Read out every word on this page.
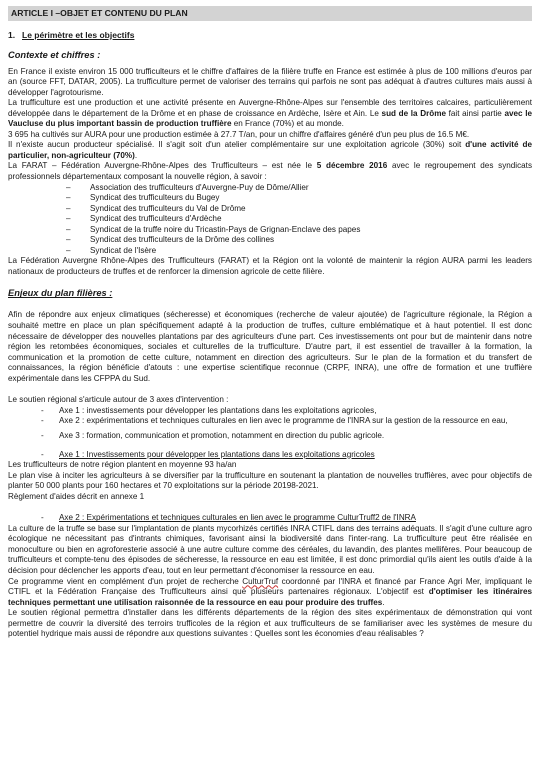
ARTICLE I –OBJET ET CONTENU DU PLAN
1. Le périmètre et les objectifs
Contexte et chiffres :

En France il existe environ 15 000 trufficulteurs et le chiffre d'affaires de la filière truffe en France est estimée à plus de 100 millions d'euros par an (source FFT, DATAR, 2005). La trufficulture permet de valoriser des terrains qui parfois ne sont pas adéquat à d'autres cultures mais aussi à développer l'agrotourisme.

La trufficulture est une production et une activité présente en Auvergne-Rhône-Alpes sur l'ensemble des territoires calcaires, particulièrement développée dans le département de la Drôme et en phase de croissance en Ardèche, Isère et Ain. Le sud de la Drôme fait ainsi partie avec le Vaucluse du plus important bassin de production truffière en France (70%) et au monde.

3 695 ha cultivés sur AURA pour une production estimée à 27.7 T/an, pour un chiffre d'affaires généré d'un peu plus de 16.5 M€.

Il n'existe aucun producteur spécialisé. Il s'agit soit d'un atelier complémentaire sur une exploitation agricole (30%) soit d'une activité de particulier, non-agriculteur (70%).

La FARAT – Fédération Auvergne-Rhône-Alpes des Trufficulteurs – est née le 5 décembre 2016 avec le regroupement des syndicats professionnels départementaux composant la nouvelle région, à savoir :

– Association des trufficulteurs d'Auvergne-Puy de Dôme/Allier
– Syndicat des trufficulteurs du Bugey
– Syndicat des trufficulteurs du Val de Drôme
– Syndicat des trufficulteurs d'Ardèche
– Syndicat de la truffe noire du Tricastin-Pays de Grignan-Enclave des papes
– Syndicat des trufficulteurs de la Drôme des collines
– Syndicat de l'Isère

La Fédération Auvergne Rhône-Alpes des Trufficulteurs (FARAT) et la Région ont la volonté de maintenir la région AURA parmi les leaders nationaux de producteurs de truffes et de renforcer la dimension agricole de cette filière.

Enjeux du plan filières :

Afin de répondre aux enjeux climatiques (sécheresse) et économiques (recherche de valeur ajoutée) de l'agriculture régionale, la Région a souhaité mettre en place un plan spécifiquement adapté à la production de truffes, culture emblématique et à haut potentiel. Il est donc nécessaire de développer des nouvelles plantations par des agriculteurs d'une part. Ces investissements ont pour but de maintenir dans notre région les retombées économiques, sociales et culturelles de la trufficulture. D'autre part, il est essentiel de travailler à la formation, la communication et la promotion de cette culture, notamment en direction des agriculteurs. Sur le plan de la formation et du transfert de connaissances, la région bénéficie d'atouts : une expertise scientifique reconnue (CRPF, INRA), une offre de formation et une truffière expérimentale dans les CFPPA du Sud.

Le soutien régional s'articule autour de 3 axes d'intervention :

- Axe 1 : investissements pour développer les plantations dans les exploitations agricoles,
- Axe 2 : expérimentations et techniques culturales en lien avec le programme de l'INRA sur la gestion de la ressource en eau,
- Axe 3 : formation, communication et promotion, notamment en direction du public agricole.
- Axe 1 : Investissements pour développer les plantations dans les exploitations agricoles

Les trufficulteurs de notre région plantent en moyenne 93 ha/an

Le plan vise à inciter les agriculteurs à se diversifier par la trufficulture en soutenant la plantation de nouvelles truffières, avec pour objectifs de planter 50 000 plants pour 160 hectares et 70 exploitations sur la période 20198-2021.

Règlement d'aides décrit en annexe 1

- Axe 2 : Expérimentations et techniques culturales en lien avec le programme CulturTruff2 de l'INRA

La culture de la truffe se base sur l'implantation de plants mycorhizés certifiés INRA CTIFL dans des terrains adéquats. Il s'agit d'une culture agro écologique ne nécessitant pas d'intrants chimiques, favorisant ainsi la biodiversité dans l'inter-rang. La trufficulture peut être réalisée en monoculture ou bien en agroforesterie associé à une autre culture comme des céréales, du lavandin, des plantes mellifères. Pour beaucoup de trufficulteurs et compte-tenu des épisodes de sécheresse, la ressource en eau est limitée, il est donc primordial qu'ils aient les outils d'aide à la décision pour déclencher les apports d'eau, tout en leur permettant d'économiser la ressource en eau.

Ce programme vient en complément d'un projet de recherche CulturTruf coordonné par l'INRA et financé par France Agri Mer, impliquant le CTIFL et la Fédération Française des Trufficulteurs ainsi que plusieurs partenaires régionaux. L'objectif est d'optimiser les itinéraires techniques permettant une utilisation raisonnée de la ressource en eau pour produire des truffes.

Le soutien régional permettra d'installer dans les différents départements de la région des sites expérimentaux de démonstration qui vont permettre de couvrir la diversité des terroirs trufficoles de la région et aux trufficulteurs de se familiariser avec les systèmes de mesure du potentiel hydrique mais aussi de répondre aux questions suivantes : Quelles sont les économies d'eau réalisables ?
